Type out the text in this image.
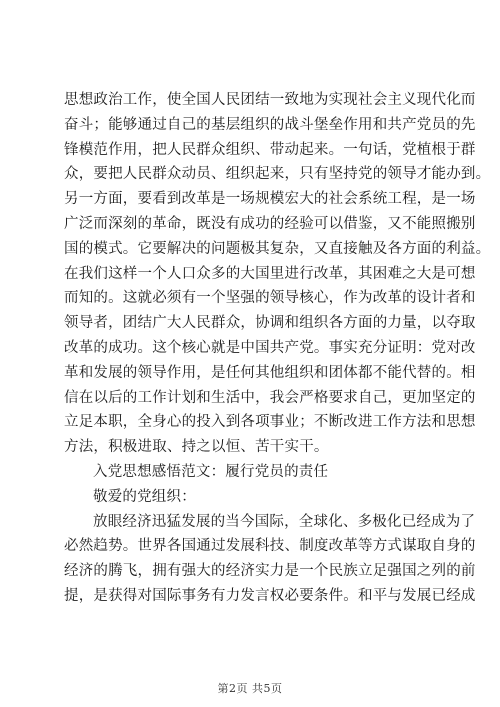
思想政治工作，使全国人民团结一致地为实现社会主义现代化而
奋斗；能够通过自己的基层组织的战斗堡垒作用和共产党员的先
锋模范作用，把人民群众组织、带动起来。一句话，党植根于群
众，要把人民群众动员、组织起来，只有坚持党的领导才能办到。
另一方面，要看到改革是一场规模宏大的社会系统工程，是一场
广泛而深刻的革命，既没有成功的经验可以借鉴，又不能照搬别
国的模式。它要解决的问题极其复杂，又直接触及各方面的利益。
在我们这样一个人口众多的大国里进行改革，其困难之大是可想
而知的。这就必须有一个坚强的领导核心，作为改革的设计者和
领导者，团结广大人民群众，协调和组织各方面的力量，以夺取
改革的成功。这个核心就是中国共产党。事实充分证明：党对改
革和发展的领导作用，是任何其他组织和团体都不能代替的。相
信在以后的工作计划和生活中，我会严格要求自己，更加坚定的
立足本职，全身心的投入到各项事业；不断改进工作方法和思想
方法，积极进取、持之以恒、苦干实干。
入党思想感悟范文：履行党员的责任
敬爱的党组织：
放眼经济迅猛发展的当今国际，全球化、多极化已经成为了
必然趋势。世界各国通过发展科技、制度改革等方式谋取自身的
经济的腾飞，拥有强大的经济实力是一个民族立足强国之列的前
提，是获得对国际事务有力发言权必要条件。和平与发展已经成
第2页 共5页
